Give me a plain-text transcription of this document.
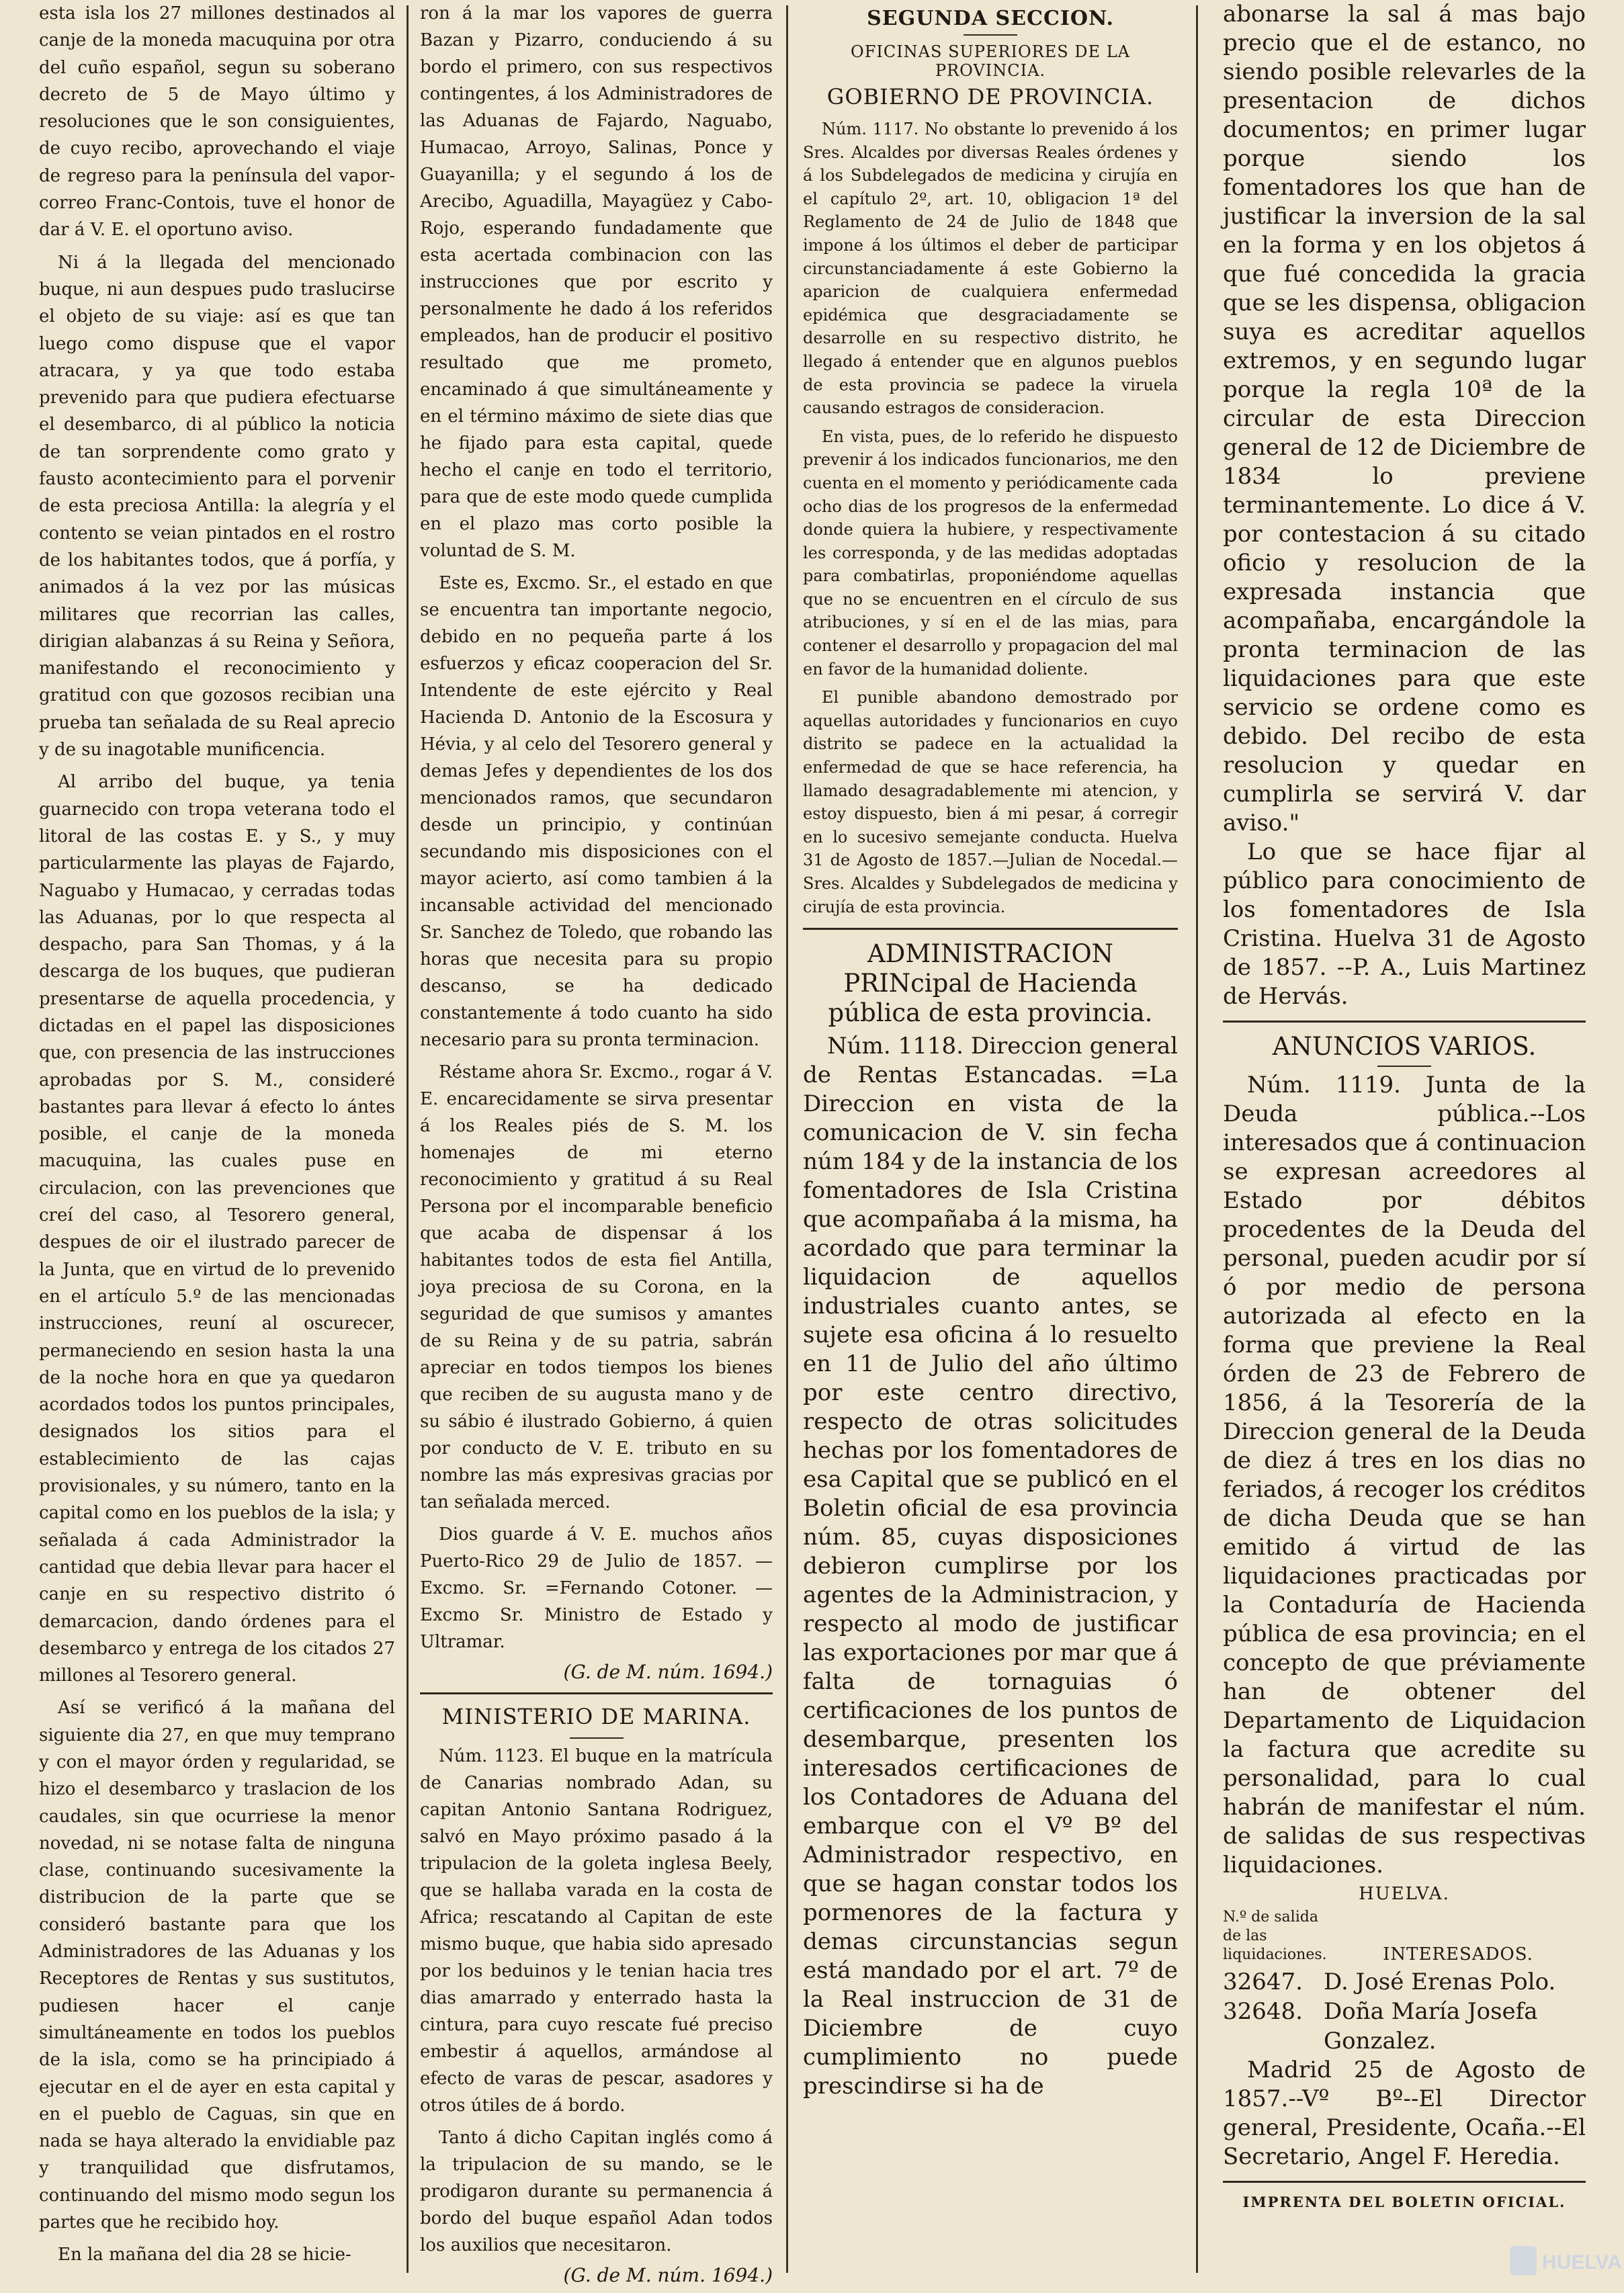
esta isla los 27 millones destinados al canje de la moneda macuquina por otra del cuño español, segun su soberano decreto de 5 de Mayo último y resoluciones que le son consiguientes, de cuyo recibo, aprovechando el viaje de regreso para la península del vapor-correo Franc-Contois, tuve el honor de dar á V. E. el oportuno aviso.

Ni á la llegada del mencionado buque, ni aun despues pudo traslucirse el objeto de su viaje: así es que tan luego como dispuse que el vapor atracara, y ya que todo estaba prevenido para que pudiera efectuarse el desembarco, di al público la noticia de tan sorprendente como grato y fausto acontecimiento para el porvenir de esta preciosa Antilla: la alegría y el contento se veian pintados en el rostro de los habitantes todos, que á porfía, y animados á la vez por las músicas militares que recorrian las calles, dirigian alabanzas á su Reina y Señora, manifestando el reconocimiento y gratitud con que gozosos recibian una prueba tan señalada de su Real aprecio y de su inagotable munificencia.

Al arribo del buque, ya tenia guarnecido con tropa veterana todo el litoral de las costas E. y S., y muy particularmente las playas de Fajardo, Naguabo y Humacao, y cerradas todas las Aduanas, por lo que respecta al despacho, para San Thomas, y á la descarga de los buques, que pudieran presentarse de aquella procedencia, y dictadas en el papel las disposiciones que, con presencia de las instrucciones aprobadas por S. M., consideré bastantes para llevar á efecto lo ántes posible, el canje de la moneda macuquina, las cuales puse en circulacion, con las prevenciones que creí del caso, al Tesorero general, despues de oir el ilustrado parecer de la Junta, que en virtud de lo prevenido en el artículo 5.º de las mencionadas instrucciones, reuní al oscurecer, permaneciendo en sesion hasta la una de la noche hora en que ya quedaron acordados todos los puntos principales, designados los sitios para el establecimiento de las cajas provisionales, y su número, tanto en la capital como en los pueblos de la isla; y señalada á cada Administrador la cantidad que debia llevar para hacer el canje en su respectivo distrito ó demarcacion, dando órdenes para el desembarco y entrega de los citados 27 millones al Tesorero general.

Así se verificó á la mañana del siguiente dia 27, en que muy temprano y con el mayor órden y regularidad, se hizo el desembarco y traslacion de los caudales, sin que ocurriese la menor novedad, ni se notase falta de ninguna clase, continuando sucesivamente la distribucion de la parte que se consideró bastante para que los Administradores de las Aduanas y los Receptores de Rentas y sus sustitutos, pudiesen hacer el canje simultáneamente en todos los pueblos de la isla, como se ha principiado á ejecutar en el de ayer en esta capital y en el pueblo de Caguas, sin que en nada se haya alterado la envidiable paz y tranquilidad que disfrutamos, continuando del mismo modo segun los partes que he recibido hoy.

En la mañana del dia 28 se hicie-

ron á la mar los vapores de guerra Bazan y Pizarro, conduciendo á su bordo el primero, con sus respectivos contingentes, á los Administradores de las Aduanas de Fajardo, Naguabo, Humacao, Arroyo, Salinas, Ponce y Guayanilla; y el segundo á los de Arecibo, Aguadilla, Mayagüez y Cabo-Rojo, esperando fundadamente que esta acertada combinacion con las instrucciones que por escrito y personalmente he dado á los referidos empleados, han de producir el positivo resultado que me prometo, encaminado á que simultáneamente y en el término máximo de siete dias que he fijado para esta capital, quede hecho el canje en todo el territorio, para que de este modo quede cumplida en el plazo mas corto posible la voluntad de S. M.

Este es, Excmo. Sr., el estado en que se encuentra tan importante negocio, debido en no pequeña parte á los esfuerzos y eficaz cooperacion del Sr. Intendente de este ejército y Real Hacienda D. Antonio de la Escosura y Hévia, y al celo del Tesorero general y demas Jefes y dependientes de los dos mencionados ramos, que secundaron desde un principio, y continúan secundando mis disposiciones con el mayor acierto, así como tambien á la incansable actividad del mencionado Sr. Sanchez de Toledo, que robando las horas que necesita para su propio descanso, se ha dedicado constantemente á todo cuanto ha sido necesario para su pronta terminacion.

Réstame ahora Sr. Excmo., rogar á V. E. encarecidamente se sirva presentar á los Reales piés de S. M. los homenajes de mi eterno reconocimiento y gratitud á su Real Persona por el incomparable beneficio que acaba de dispensar á los habitantes todos de esta fiel Antilla, joya preciosa de su Corona, en la seguridad de que sumisos y amantes de su Reina y de su patria, sabrán apreciar en todos tiempos los bienes que reciben de su augusta mano y de su sábio é ilustrado Gobierno, á quien por conducto de V. E. tributo en su nombre las más expresivas gracias por tan señalada merced.

Dios guarde á V. E. muchos años Puerto-Rico 29 de Julio de 1857. —Excmo. Sr. =Fernando Cotoner. —Excmo Sr. Ministro de Estado y Ultramar.

(G. de M. núm. 1694.)

MINISTERIO DE MARINA.

Núm. 1123. El buque en la matrícula de Canarias nombrado Adan, su capitan Antonio Santana Rodriguez, salvó en Mayo próximo pasado á la tripulacion de la goleta inglesa Beely, que se hallaba varada en la costa de Africa; rescatando al Capitan de este mismo buque, que habia sido apresado por los beduinos y le tenian hacia tres dias amarrado y enterrado hasta la cintura, para cuyo rescate fué preciso embestir á aquellos, armándose al efecto de varas de pescar, asadores y otros útiles de á bordo.

Tanto á dicho Capitan inglés como á la tripulacion de su mando, se le prodigaron durante su permanencia á bordo del buque español Adan todos los auxilios que necesitaron.

(G. de M. núm. 1694.)

SEGUNDA SECCION.
OFICINAS SUPERIORES DE LA PROVINCIA.
GOBIERNO DE PROVINCIA.

Núm. 1117. No obstante lo prevenido á los Sres. Alcaldes por diversas Reales órdenes y á los Subdelegados de medicina y cirujía en el capítulo 2º, art. 10, obligacion 1ª del Reglamento de 24 de Julio de 1848 que impone á los últimos el deber de participar circunstanciadamente á este Gobierno la aparicion de cualquiera enfermedad epidémica que desgraciadamente se desarrolle en su respectivo distrito, he llegado á entender que en algunos pueblos de esta provincia se padece la viruela causando estragos de consideracion.

En vista, pues, de lo referido he dispuesto prevenir á los indicados funcionarios, me den cuenta en el momento y periódicamente cada ocho dias de los progresos de la enfermedad donde quiera la hubiere, y respectivamente les corresponda, y de las medidas adoptadas para combatirlas, proponiéndome aquellas que no se encuentren en el círculo de sus atribuciones, y sí en el de las mias, para contener el desarrollo y propagacion del mal en favor de la humanidad doliente.

El punible abandono demostrado por aquellas autoridades y funcionarios en cuyo distrito se padece en la actualidad la enfermedad de que se hace referencia, ha llamado desagradablemente mi atencion, y estoy dispuesto, bien á mi pesar, á corregir en lo sucesivo semejante conducta. Huelva 31 de Agosto de 1857.—Julian de Nocedal.—Sres. Alcaldes y Subdelegados de medicina y cirujía de esta provincia.

ADMINISTRACION PRINcipal de Hacienda pública de esta provincia.

Núm. 1118. Direccion general de Rentas Estancadas. =La Direccion en vista de la comunicacion de V. sin fecha núm 184 y de la instancia de los fomentadores de Isla Cristina que acompañaba á la misma, ha acordado que para terminar la liquidacion de aquellos industriales cuanto antes, se sujete esa oficina á lo resuelto en 11 de Julio del año último por este centro directivo, respecto de otras solicitudes hechas por los fomentadores de esa Capital que se publicó en el Boletin oficial de esa provincia núm. 85, cuyas disposiciones debieron cumplirse por los agentes de la Administracion, y respecto al modo de justificar las exportaciones por mar que á falta de tornaguias ó certificaciones de los puntos de desembarque, presenten los interesados certificaciones de los Contadores de Aduana del embarque con el Vº Bº del Administrador respectivo, en que se hagan constar todos los pormenores de la factura y demas circunstancias segun está mandado por el art. 7º de la Real instruccion de 31 de Diciembre de cuyo cumplimiento no puede prescindirse si ha de

abonarse la sal á mas bajo precio que el de estanco, no siendo posible relevarles de la presentacion de dichos documentos; en primer lugar porque siendo los fomentadores los que han de justificar la inversion de la sal en la forma y en los objetos á que fué concedida la gracia que se les dispensa, obligacion suya es acreditar aquellos extremos, y en segundo lugar porque la regla 10ª de la circular de esta Direccion general de 12 de Diciembre de 1834 lo previene terminantemente. Lo dice á V. por contestacion á su citado oficio y resolucion de la expresada instancia que acompañaba, encargándole la pronta terminacion de las liquidaciones para que este servicio se ordene como es debido. Del recibo de esta resolucion y quedar en cumplirla se servirá V. dar aviso."

Lo que se hace fijar al público para conocimiento de los fomentadores de Isla Cristina. Huelva 31 de Agosto de 1857. --P. A., Luis Martinez de Hervás.

ANUNCIOS VARIOS.

Núm. 1119. Junta de la Deuda pública.--Los interesados que á continuacion se expresan acreedores al Estado por débitos procedentes de la Deuda del personal, pueden acudir por sí ó por medio de persona autorizada al efecto en la forma que previene la Real órden de 23 de Febrero de 1856, á la Tesorería de la Direccion general de la Deuda de diez á tres en los dias no feriados, á recoger los créditos de dicha Deuda que se han emitido á virtud de las liquidaciones practicadas por la Contaduría de Hacienda pública de esa provincia; en el concepto de que préviamente han de obtener del Departamento de Liquidacion la factura que acredite su personalidad, para lo cual habrán de manifestar el núm. de salidas de sus respectivas liquidaciones.

HUELVA.
N.º de salida de las liquidaciones.	INTERESADOS.
32647.	D. José Erenas Polo.
32648.	Doña María Josefa Gonzalez.

Madrid 25 de Agosto de 1857.--Vº Bº--El Director general, Presidente, Ocaña.--El Secretario, Angel F. Heredia.

IMPRENTA DEL BOLETIN OFICIAL.
HUELVA
